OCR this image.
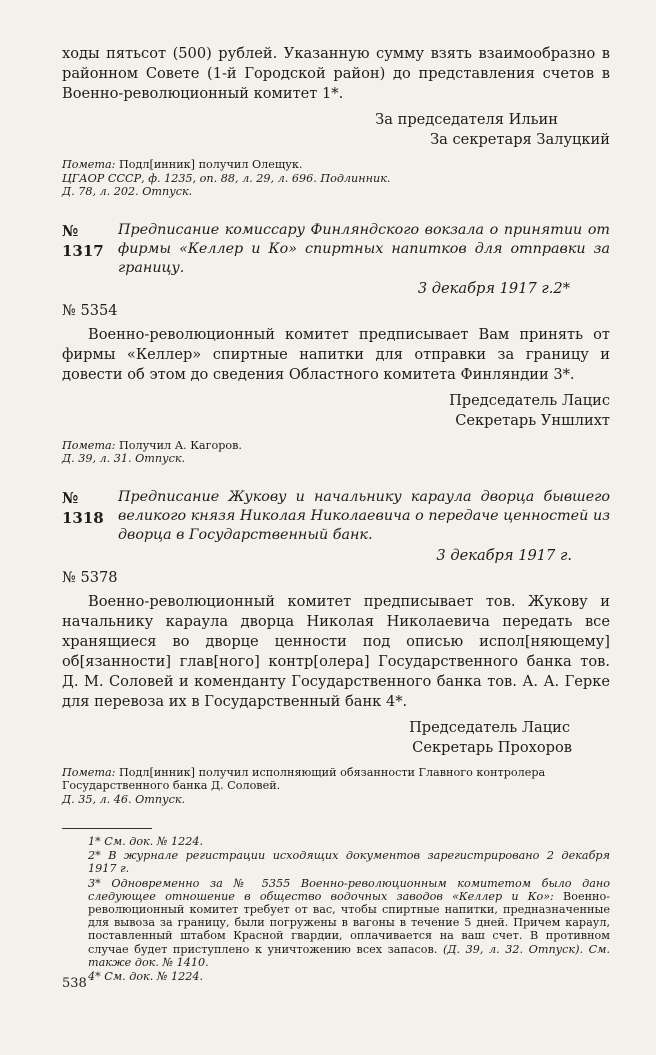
ходы пятьсот (500) рублей. Указанную сумму взять взаимообразно в районном Совете (1-й Городской район) до представления счетов в Военно-революционный комитет 1*.

За председателя Ильин
За секретаря Залуцкий

Помета: Подл[инник] получил Олещук.

ЦГАОР СССР, ф. 1235, оп. 88, л. 29, л. 696. Подлинник.

Д. 78, л. 202. Отпуск.

№ 1317
Предписание комиссару Финляндского вокзала о принятии от фирмы «Келлер и Ко» спиртных напитков для отправки за границу.
3 декабря 1917 г.2*
№ 5354

Военно-революционный комитет предписывает Вам принять от фирмы «Келлер» спиртные напитки для отправки за границу и довести об этом до сведения Областного комитета Финляндии 3*.

Председатель Лацис
Секретарь Уншлихт

Помета: Получил А. Кагоров.

Д. 39, л. 31. Отпуск.

№ 1318
Предписание Жукову и начальнику караула дворца бывшего великого князя Николая Николаевича о передаче ценностей из дворца в Государственный банк.
3 декабря 1917 г.
№ 5378

Военно-революционный комитет предписывает тов. Жукову и начальнику караула дворца Николая Николаевича передать все хранящиеся во дворце ценности под описью испол[няющему] об[язанности] глав[ного] контр[олера] Государственного банка тов. Д. М. Соловей и коменданту Государственного банка тов. А. А. Герке для перевоза их в Государственный банк 4*.

Председатель Лацис
Секретарь Прохоров

Помета: Подл[инник] получил исполняющий обязанности Главного контролера Государственного банка Д. Соловей.

Д. 35, л. 46. Отпуск.

1* См. док. № 1224.

2* В журнале регистрации исходящих документов зарегистрировано 2 декабря 1917 г.

3* Одновременно за № 5355 Военно-революционным комитетом было дано следующее отношение в общество водочных заводов «Келлер и Ко»: Военно-революционный комитет требует от вас, чтобы спиртные напитки, предназначенные для вывоза за границу, были погружены в вагоны в течение 5 дней. Причем караул, поставленный штабом Красной гвардии, оплачивается на ваш счет. В противном случае будет приступлено к уничтожению всех запасов. (Д. 39, л. 32. Отпуск). См. также док. № 1410.

4* См. док. № 1224.

538
